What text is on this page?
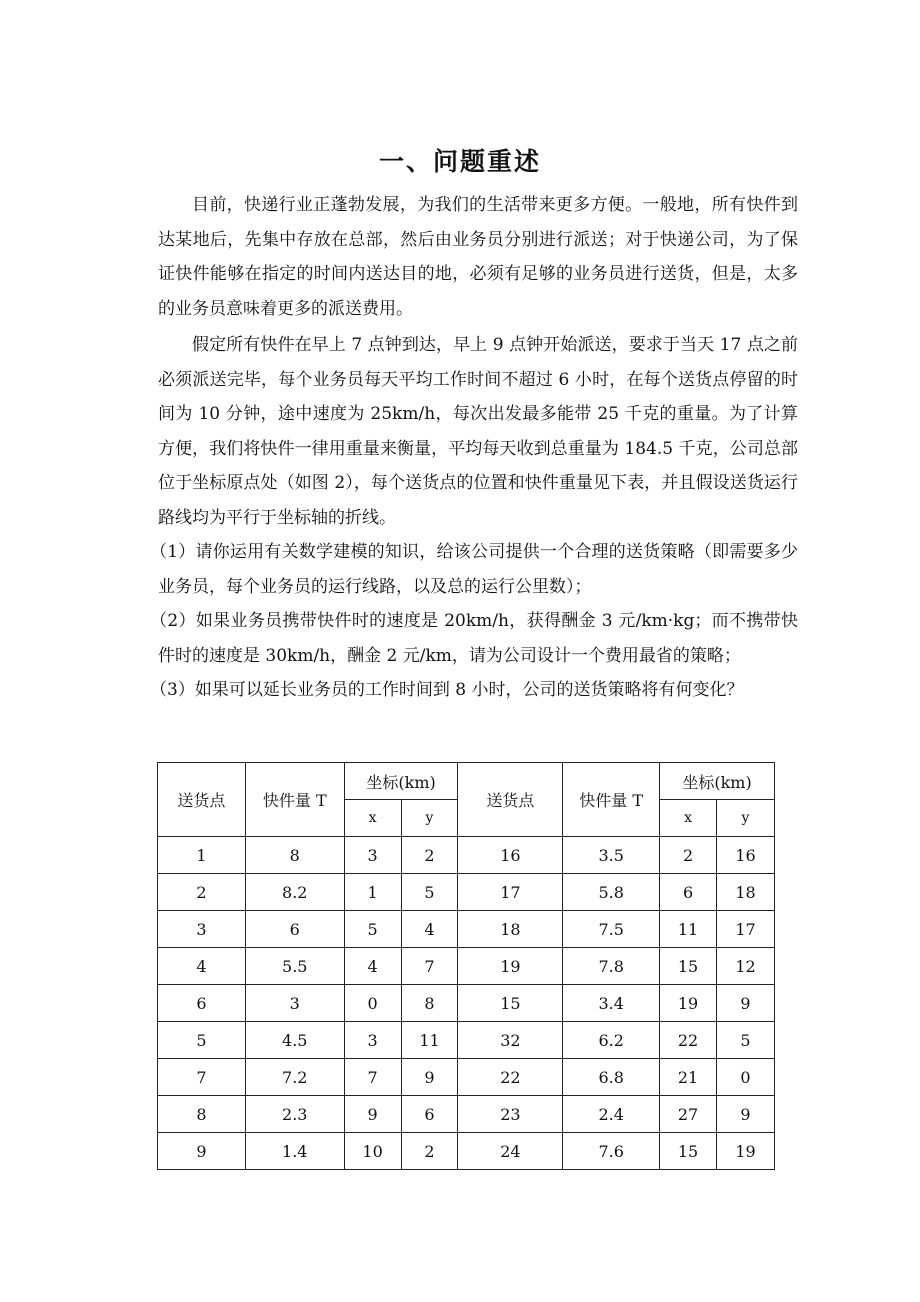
一、问题重述

目前，快递行业正蓬勃发展，为我们的生活带来更多方便。一般地，所有快件到达某地后，先集中存放在总部，然后由业务员分别进行派送；对于快递公司，为了保证快件能够在指定的时间内送达目的地，必须有足够的业务员进行送货，但是，太多的业务员意味着更多的派送费用。

假定所有快件在早上 7 点钟到达，早上 9 点钟开始派送，要求于当天 17 点之前必须派送完毕，每个业务员每天平均工作时间不超过 6 小时，在每个送货点停留的时间为 10 分钟，途中速度为 25km/h，每次出发最多能带 25 千克的重量。为了计算方便，我们将快件一律用重量来衡量，平均每天收到总重量为 184.5 千克，公司总部位于坐标原点处（如图 2），每个送货点的位置和快件重量见下表，并且假设送货运行路线均为平行于坐标轴的折线。

（1）请你运用有关数学建模的知识，给该公司提供一个合理的送货策略（即需要多少业务员，每个业务员的运行线路，以及总的运行公里数）；

（2）如果业务员携带快件时的速度是 20km/h，获得酬金 3 元/km·kg；而不携带快件时的速度是 30km/h，酬金 2 元/km，请为公司设计一个费用最省的策略；

（3）如果可以延长业务员的工作时间到 8 小时，公司的送货策略将有何变化？

送货点	快件量 T	坐标(km)		送货点	快件量 T	坐标(km)	
		x	y			x	y
1	8	3	2	16	3.5	2	16
2	8.2	1	5	17	5.8	6	18
3	6	5	4	18	7.5	11	17
4	5.5	4	7	19	7.8	15	12
6	3	0	8	15	3.4	19	9
5	4.5	3	11	32	6.2	22	5
7	7.2	7	9	22	6.8	21	0
8	2.3	9	6	23	2.4	27	9
9	1.4	10	2	24	7.6	15	19
